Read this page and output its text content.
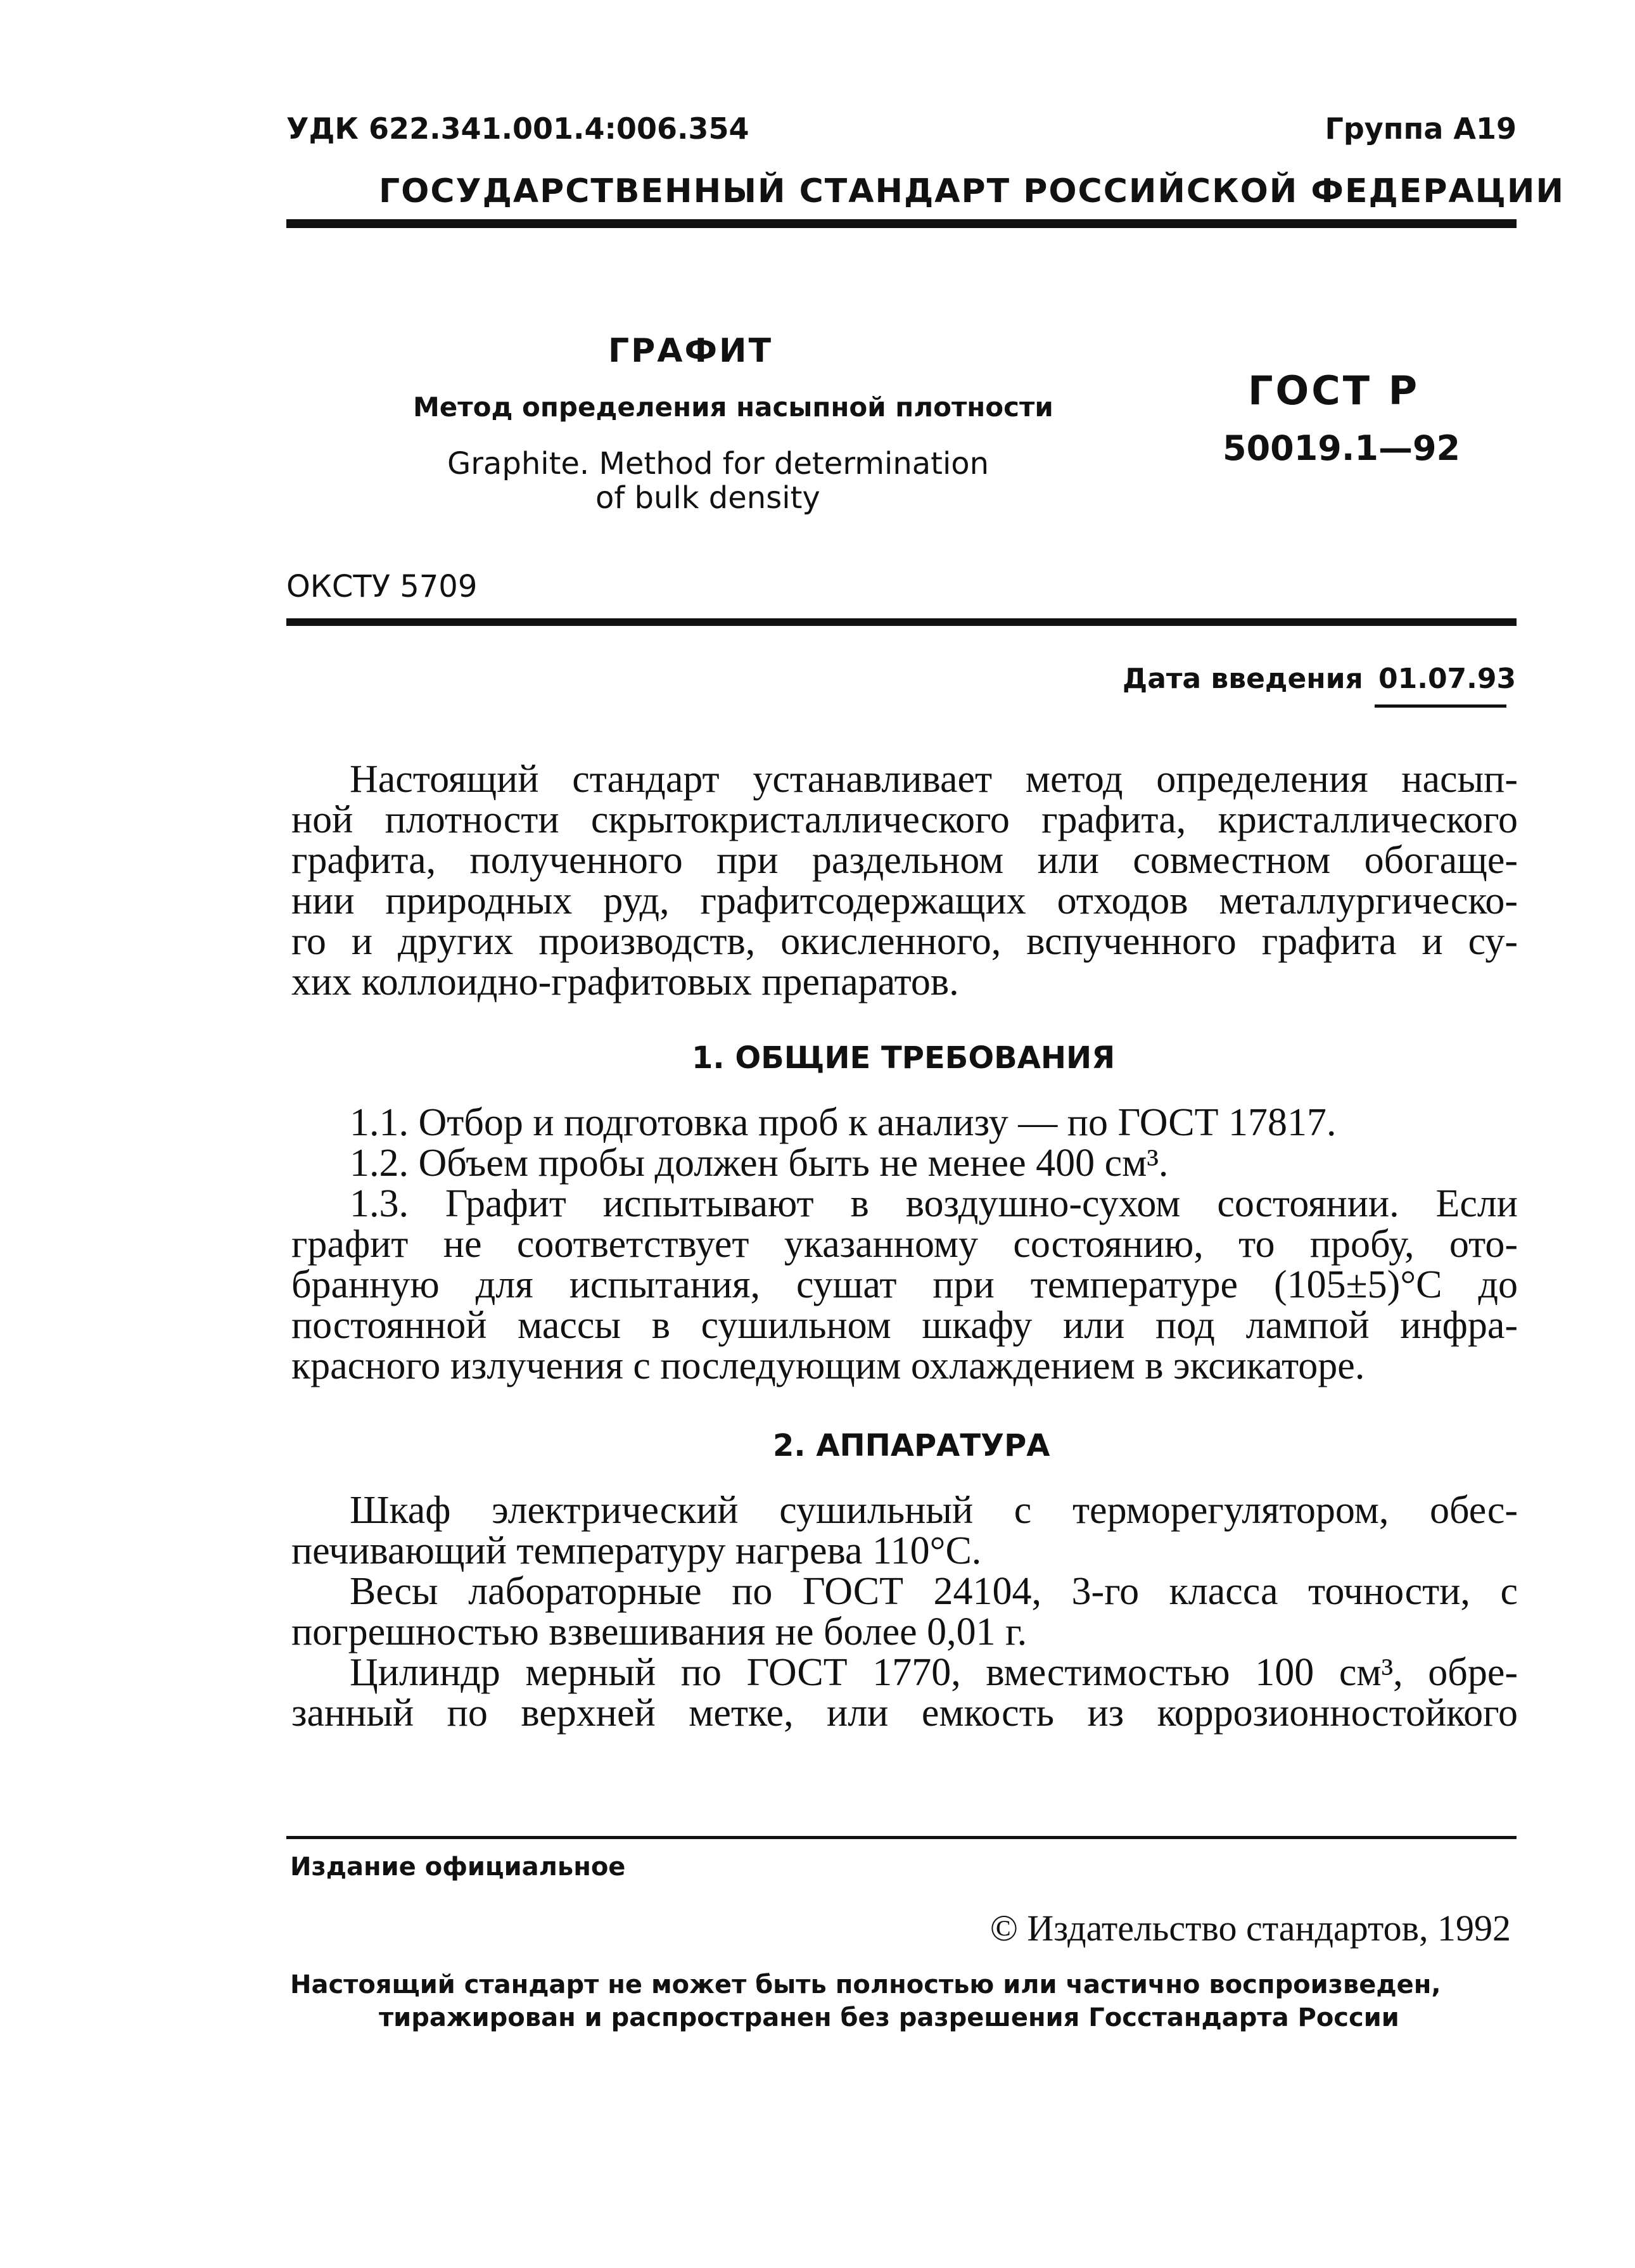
УДК 622.341.001.4:006.354	Группа А19
ГОСУДАРСТВЕННЫЙ СТАНДАРТ РОССИЙСКОЙ ФЕДЕРАЦИИ
ГРАФИТ
Метод определения насыпной плотности
Graphite. Method for determination
of bulk density
ГОСТ Р
50019.1—92
ОКСТУ 5709
Дата введения 01.07.93
Настоящий стандарт устанавливает метод определения насып-
ной плотности скрытокристаллического графита, кристаллического
графита, полученного при раздельном или совместном обогаще-
нии природных руд, графитсодержащих отходов металлургическо-
го и других производств, окисленного, вспученного графита и су-
хих коллоидно-графитовых препаратов.
1. ОБЩИЕ ТРЕБОВАНИЯ
1.1. Отбор и подготовка проб к анализу — по ГОСТ 17817.
1.2. Объем пробы должен быть не менее 400 см³.
1.3. Графит испытывают в воздушно-сухом состоянии. Если
графит не соответствует указанному состоянию, то пробу, ото-
бранную для испытания, сушат при температуре (105±5)°С до
постоянной массы в сушильном шкафу или под лампой инфра-
красного излучения с последующим охлаждением в эксикаторе.
2. АППАРАТУРА
Шкаф электрический сушильный с терморегулятором, обес-
печивающий температуру нагрева 110°С.
Весы лабораторные по ГОСТ 24104, 3-го класса точности, с
погрешностью взвешивания не более 0,01 г.
Цилиндр мерный по ГОСТ 1770, вместимостью 100 см³, обре-
занный по верхней метке, или емкость из коррозионностойкого
Издание официальное
© Издательство стандартов, 1992
Настоящий стандарт не может быть полностью или частично воспроизведен,
тиражирован и распространен без разрешения Госстандарта России
